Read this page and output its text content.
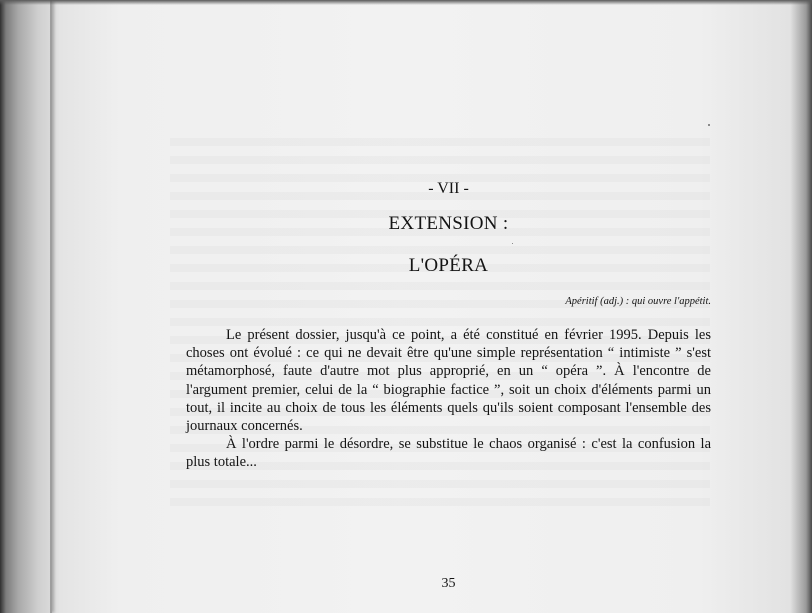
- VII -
EXTENSION :
L'OPÉRA
Apéritif (adj.) : qui ouvre l'appétit.

Le présent dossier, jusqu'à ce point, a été constitué en février 1995. Depuis les choses ont évolué : ce qui ne devait être qu'une simple représentation “ intimiste ” s'est métamorphosé, faute d'autre mot plus approprié, en un “ opéra ”. À l'encontre de l'argument premier, celui de la “ biographie factice ”, soit un choix d'éléments parmi un tout, il incite au choix de tous les éléments quels qu'ils soient composant l'ensemble des journaux concernés.

À l'ordre parmi le désordre, se substitue le chaos organisé : c'est la confusion la plus totale...

35
